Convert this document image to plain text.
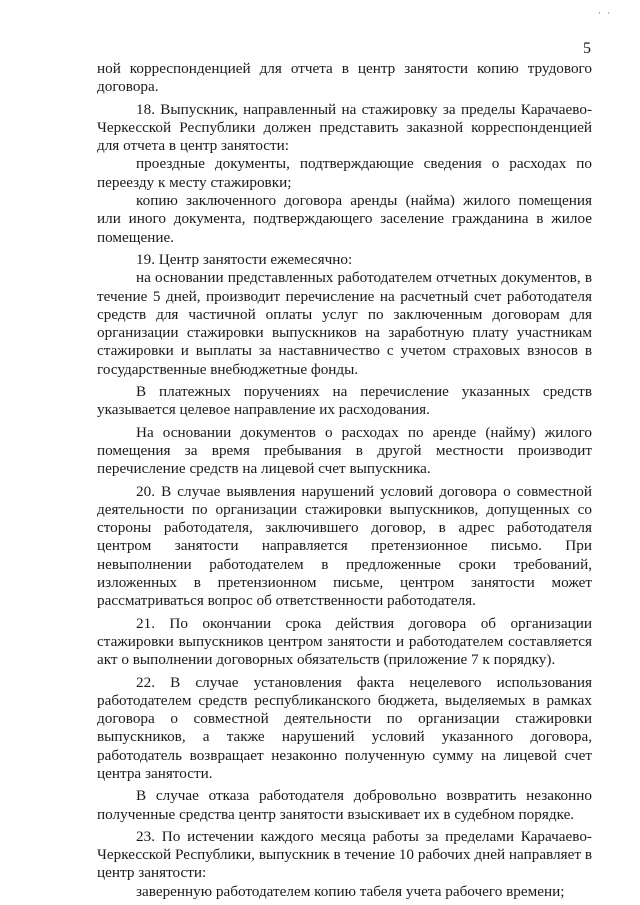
· ·
5

ной корреспонденцией для отчета в центр занятости копию трудового договора.

18. Выпускник, направленный на стажировку за пределы Карачаево-Черкесской Республики должен представить заказной корреспонденцией для отчета в центр занятости:

проездные документы, подтверждающие сведения о расходах по переезду к месту стажировки;

копию заключенного договора аренды (найма) жилого помещения или иного документа, подтверждающего заселение гражданина в жилое помещение.

19. Центр занятости ежемесячно:

на основании представленных работодателем отчетных документов, в течение 5 дней, производит перечисление на расчетный счет работодателя средств для частичной оплаты услуг по заключенным договорам для организации стажировки выпускников на заработную плату участникам стажировки и выплаты за наставничество с учетом страховых взносов в государственные внебюджетные фонды.

В платежных поручениях на перечисление указанных средств указывается целевое направление их расходования.

На основании документов о расходах по аренде (найму) жилого помещения за время пребывания в другой местности производит перечисление средств на лицевой счет выпускника.

20. В случае выявления нарушений условий договора о совместной деятельности по организации стажировки выпускников, допущенных со стороны работодателя, заключившего договор, в адрес работодателя центром занятости направляется претензионное письмо. При невыполнении работодателем в предложенные сроки требований, изложенных в претензионном письме, центром занятости может рассматриваться вопрос об ответственности работодателя.

21. По окончании срока действия договора об организации стажировки выпускников центром занятости и работодателем составляется акт о выполнении договорных обязательств (приложение 7 к порядку).

22. В случае установления факта нецелевого использования работодателем средств республиканского бюджета, выделяемых в рамках договора о совместной деятельности по организации стажировки выпускников, а также нарушений условий указанного договора, работодатель возвращает незаконно полученную сумму на лицевой счет центра занятости.

В случае отказа работодателя добровольно возвратить незаконно полученные средства центр занятости взыскивает их в судебном порядке.

23. По истечении каждого месяца работы за пределами Карачаево-Черкесской Республики, выпускник в течение 10 рабочих дней направляет в центр занятости:

заверенную работодателем копию табеля учета рабочего времени;
